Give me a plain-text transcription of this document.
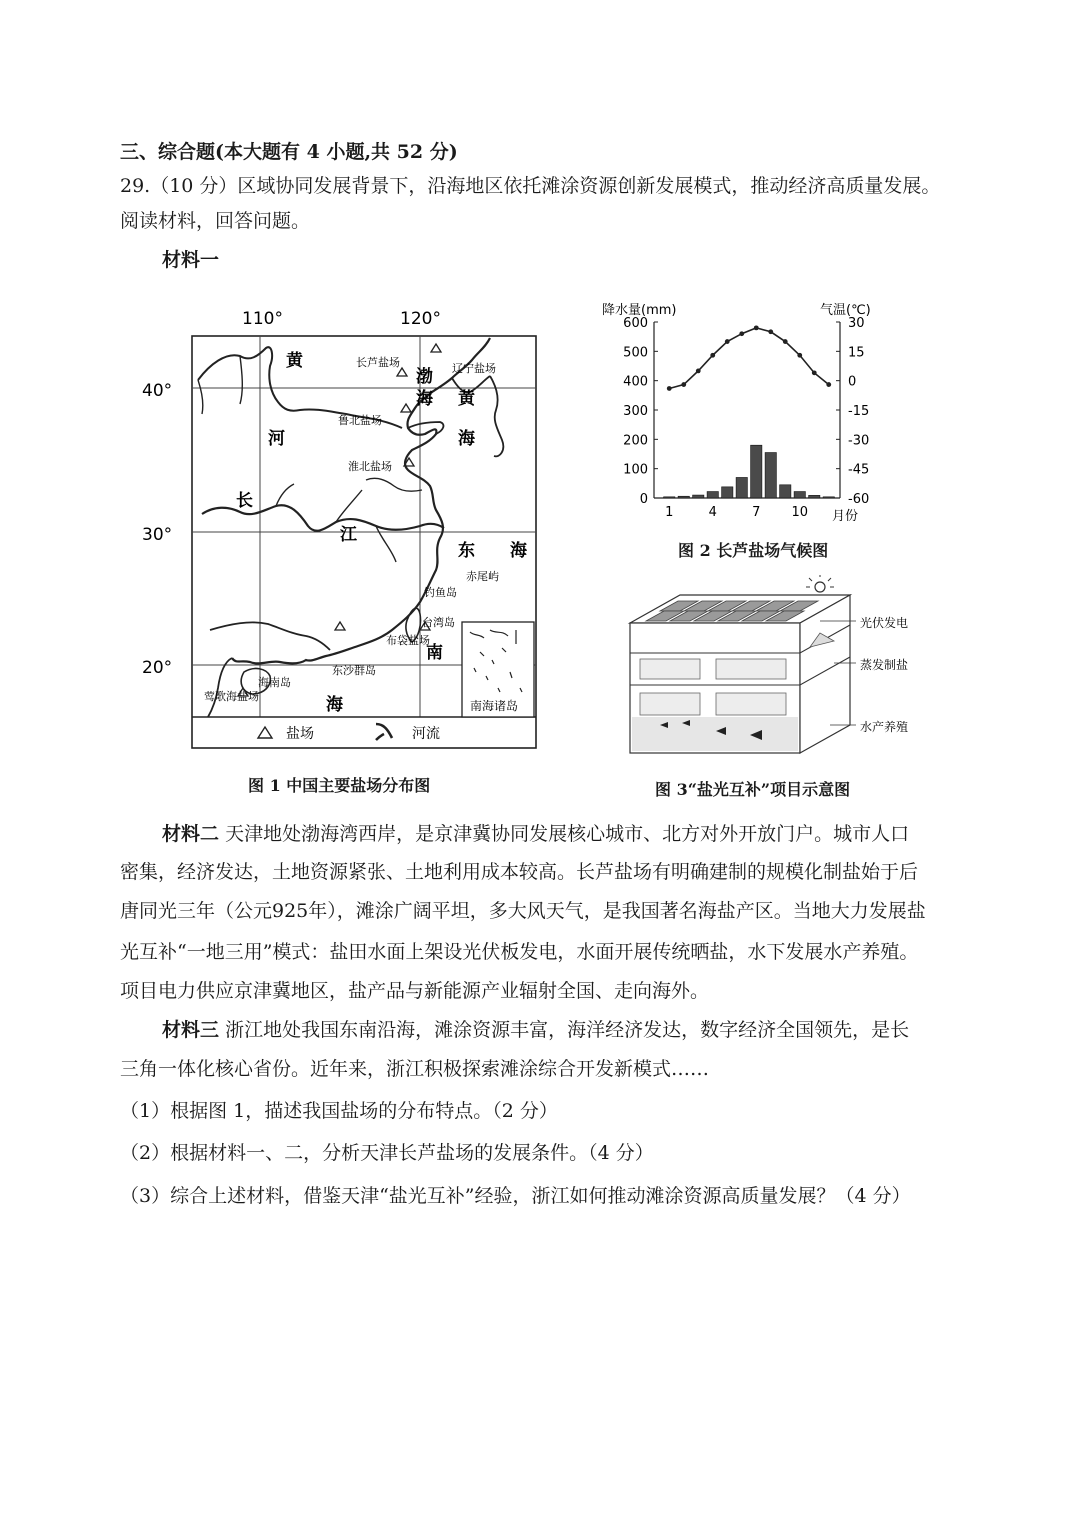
三、综合题(本大题有 4 小题,共 52 分)
29.（10 分）区域协同发展背景下，沿海地区依托滩涂资源创新发展模式，推动经济高质量发展。
阅读材料，回答问题。
材料一
110°	120°
40°
30°
20°
南海诸岛
黄
河
长
江
渤
海 黄
海
东 海
南
海
长芦盐场	辽宁盐场
鲁北盐场
淮北盐场
赤尾屿
钓鱼岛
台湾岛
布袋盐场
东沙群岛
海南岛
莺歌海盐场
盐场	河流
图 1 中国主要盐场分布图
降水量(mm)	气温(℃)
月份
0
100
200
300
400
500
600
-60
-45
-30
-15
0
15
30
1	4	7 10
图 2 长芦盐场气候图
光伏发电
蒸发制盐
水产养殖
图 3“盐光互补”项目示意图
材料二 天津地处渤海湾西岸，是京津冀协同发展核心城市、北方对外开放门户。城市人口
密集，经济发达，土地资源紧张、土地利用成本较高。长芦盐场有明确建制的规模化制盐始于后
唐同光三年（公元925年），滩涂广阔平坦，多大风天气，是我国著名海盐产区。当地大力发展盐
光互补“一地三用”模式：盐田水面上架设光伏板发电，水面开展传统晒盐，水下发展水产养殖。
项目电力供应京津冀地区，盐产品与新能源产业辐射全国、走向海外。
材料三 浙江地处我国东南沿海，滩涂资源丰富，海洋经济发达，数字经济全国领先，是长
三角一体化核心省份。近年来，浙江积极探索滩涂综合开发新模式……
（1）根据图 1，描述我国盐场的分布特点。（2 分）
（2）根据材料一、二，分析天津长芦盐场的发展条件。（4 分）
（3）综合上述材料，借鉴天津“盐光互补”经验，浙江如何推动滩涂资源高质量发展？（4 分）
